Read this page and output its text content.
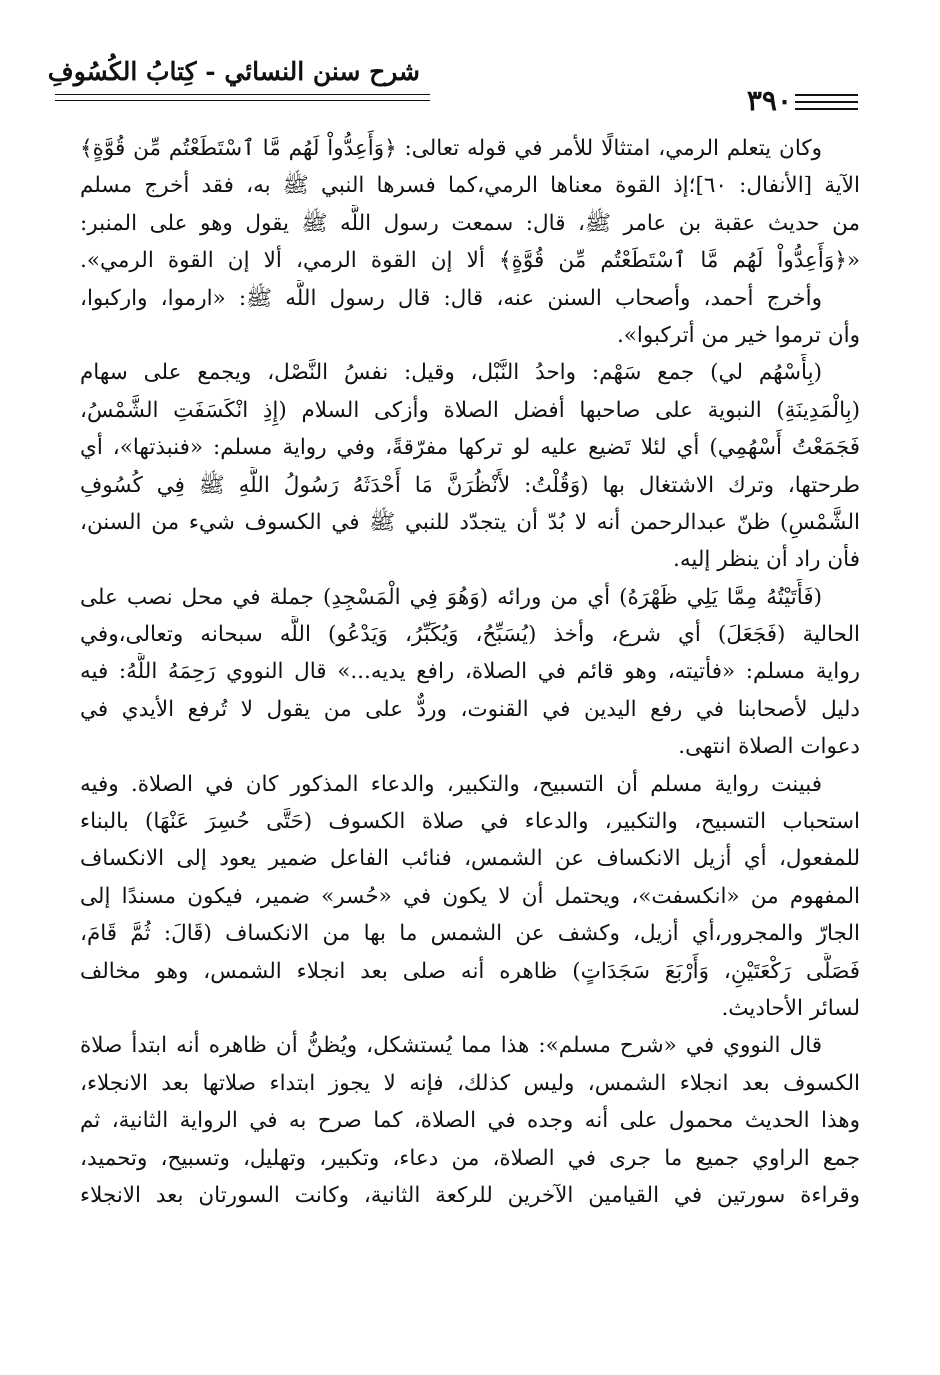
شرح سنن النسائي - كِتابُ الكُسُوفِ
٣٩٠
وكان يتعلم الرمي، امتثالًا للأمر في قوله تعالى: ﴿وَأَعِدُّواْ لَهُم مَّا ٱسْتَطَعْتُم مِّن قُوَّةٍ﴾
الآية [الأنفال: ٦٠]؛إذ القوة معناها الرمي،كما فسرها النبي ﷺ به، فقد أخرج مسلم
من حديث عقبة بن عامر ﷺ، قال: سمعت رسول اللَّه ﷺ يقول وهو على المنبر:
«﴿وَأَعِدُّواْ لَهُم مَّا ٱسْتَطَعْتُم مِّن قُوَّةٍ﴾ ألا إن القوة الرمي، ألا إن القوة الرمي».
وأخرج أحمد، وأصحاب السنن عنه، قال: قال رسول اللَّه ﷺ: «ارموا، واركبوا،
وأن ترموا خير من أتركبوا».
(بِأَسْهُم لي) جمع سَهْم: واحدُ النَّبْل، وقيل: نفسُ النَّصْل، ويجمع على سهام
(بِالْمَدِينَةِ) النبوية على صاحبها أفضل الصلاة وأزكى السلام (إِذِ انْكَسَفَتِ الشَّمْسُ،
فَجَمَعْتُ أَسْهُمِي) أي لئلا تَضيع عليه لو تركها مفرّقةً، وفي رواية مسلم: «فنبذتها»، أي
طرحتها، وترك الاشتغال بها (وَقُلْتُ: لأَنْظُرَنَّ مَا أَحْدَثَهُ رَسُولُ اللَّهِ ﷺ فِي كُسُوفِ
الشَّمْسِ) ظنّ عبدالرحمن أنه لا بُدّ أن يتجدّد للنبي ﷺ في الكسوف شيء من السنن،
فأن راد أن ينظر إليه.
(فَأَتَيْتُهُ مِمَّا يَلِي ظَهْرَهُ) أي من ورائه (وَهُوَ فِي الْمَسْجِدِ) جملة في محل نصب على
الحالية (فَجَعَلَ) أي شرع، وأخذ (يُسَبِّحُ، وَيُكَبِّرُ، وَيَدْعُو) اللَّه سبحانه وتعالى،وفي
رواية مسلم: «فأتيته، وهو قائم في الصلاة، رافع يديه...» قال النووي رَحِمَهُ اللَّهُ: فيه
دليل لأصحابنا في رفع اليدين في القنوت، وردٌّ على من يقول لا تُرفع الأيدي في
دعوات الصلاة انتهى.
فبينت رواية مسلم أن التسبيح، والتكبير، والدعاء المذكور كان في الصلاة. وفيه
استحباب التسبيح، والتكبير، والدعاء في صلاة الكسوف (حَتَّى حُسِرَ عَنْهَا) بالبناء
للمفعول، أي أزيل الانكساف عن الشمس، فنائب الفاعل ضمير يعود إلى الانكساف
المفهوم من «انكسفت»، ويحتمل أن لا يكون في «حُسر» ضمير، فيكون مسندًا إلى
الجارّ والمجرور،أي أزيل، وكشف عن الشمس ما بها من الانكساف (قَالَ: ثُمَّ قَامَ،
فَصَلَّى رَكْعَتَيْنِ، وَأَرْبَعَ سَجَدَاتٍ) ظاهره أنه صلى بعد انجلاء الشمس، وهو مخالف
لسائر الأحاديث.
قال النووي في «شرح مسلم»: هذا مما يُستشكل، ويُظنُّ أن ظاهره أنه ابتدأ صلاة
الكسوف بعد انجلاء الشمس، وليس كذلك، فإنه لا يجوز ابتداء صلاتها بعد الانجلاء،
وهذا الحديث محمول على أنه وجده في الصلاة، كما صرح به في الرواية الثانية، ثم
جمع الراوي جميع ما جرى في الصلاة، من دعاء، وتكبير، وتهليل، وتسبيح، وتحميد،
وقراءة سورتين في القيامين الآخرين للركعة الثانية، وكانت السورتان بعد الانجلاء
